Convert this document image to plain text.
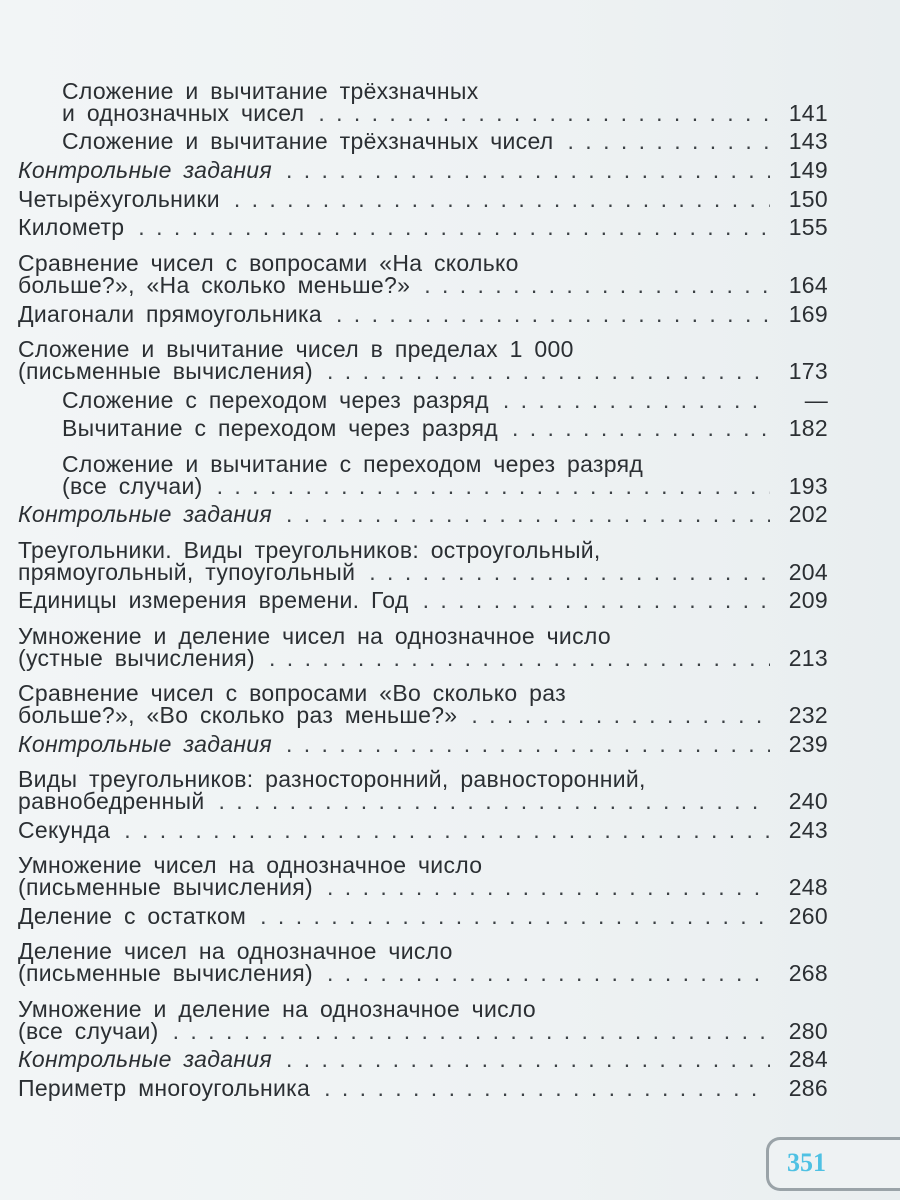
Сложение и вычитание трёхзначных
и однозначных чисел . . .	141
Сложение и вычитание трёхзначных чисел . . .	143
Контрольные задания . . .	149
Четырёхугольники . . .	150
Километр . . .	155
Сравнение чисел с вопросами «На сколько
больше?», «На сколько меньше?» . . .	164
Диагонали прямоугольника . . .	169
Сложение и вычитание чисел в пределах 1 000
(письменные вычисления) . . .	173
Сложение с переходом через разряд . . .	—
Вычитание с переходом через разряд . . .	182
Сложение и вычитание с переходом через разряд
(все случаи) . . .	193
Контрольные задания . . .	202
Треугольники. Виды треугольников: остроугольный,
прямоугольный, тупоугольный . . .	204
Единицы измерения времени. Год . . .	209
Умножение и деление чисел на однозначное число
(устные вычисления) . . .	213
Сравнение чисел с вопросами «Во сколько раз
больше?», «Во сколько раз меньше?» . . .	232
Контрольные задания . . .	239
Виды треугольников: разносторонний, равносторонний,
равнобедренный . . .	240
Секунда . . .	243
Умножение чисел на однозначное число
(письменные вычисления) . . .	248
Деление с остатком . . .	260
Деление чисел на однозначное число
(письменные вычисления) . . .	268
Умножение и деление на однозначное число
(все случаи) . . .	280
Контрольные задания . . .	284
Периметр многоугольника . . .	286
351
